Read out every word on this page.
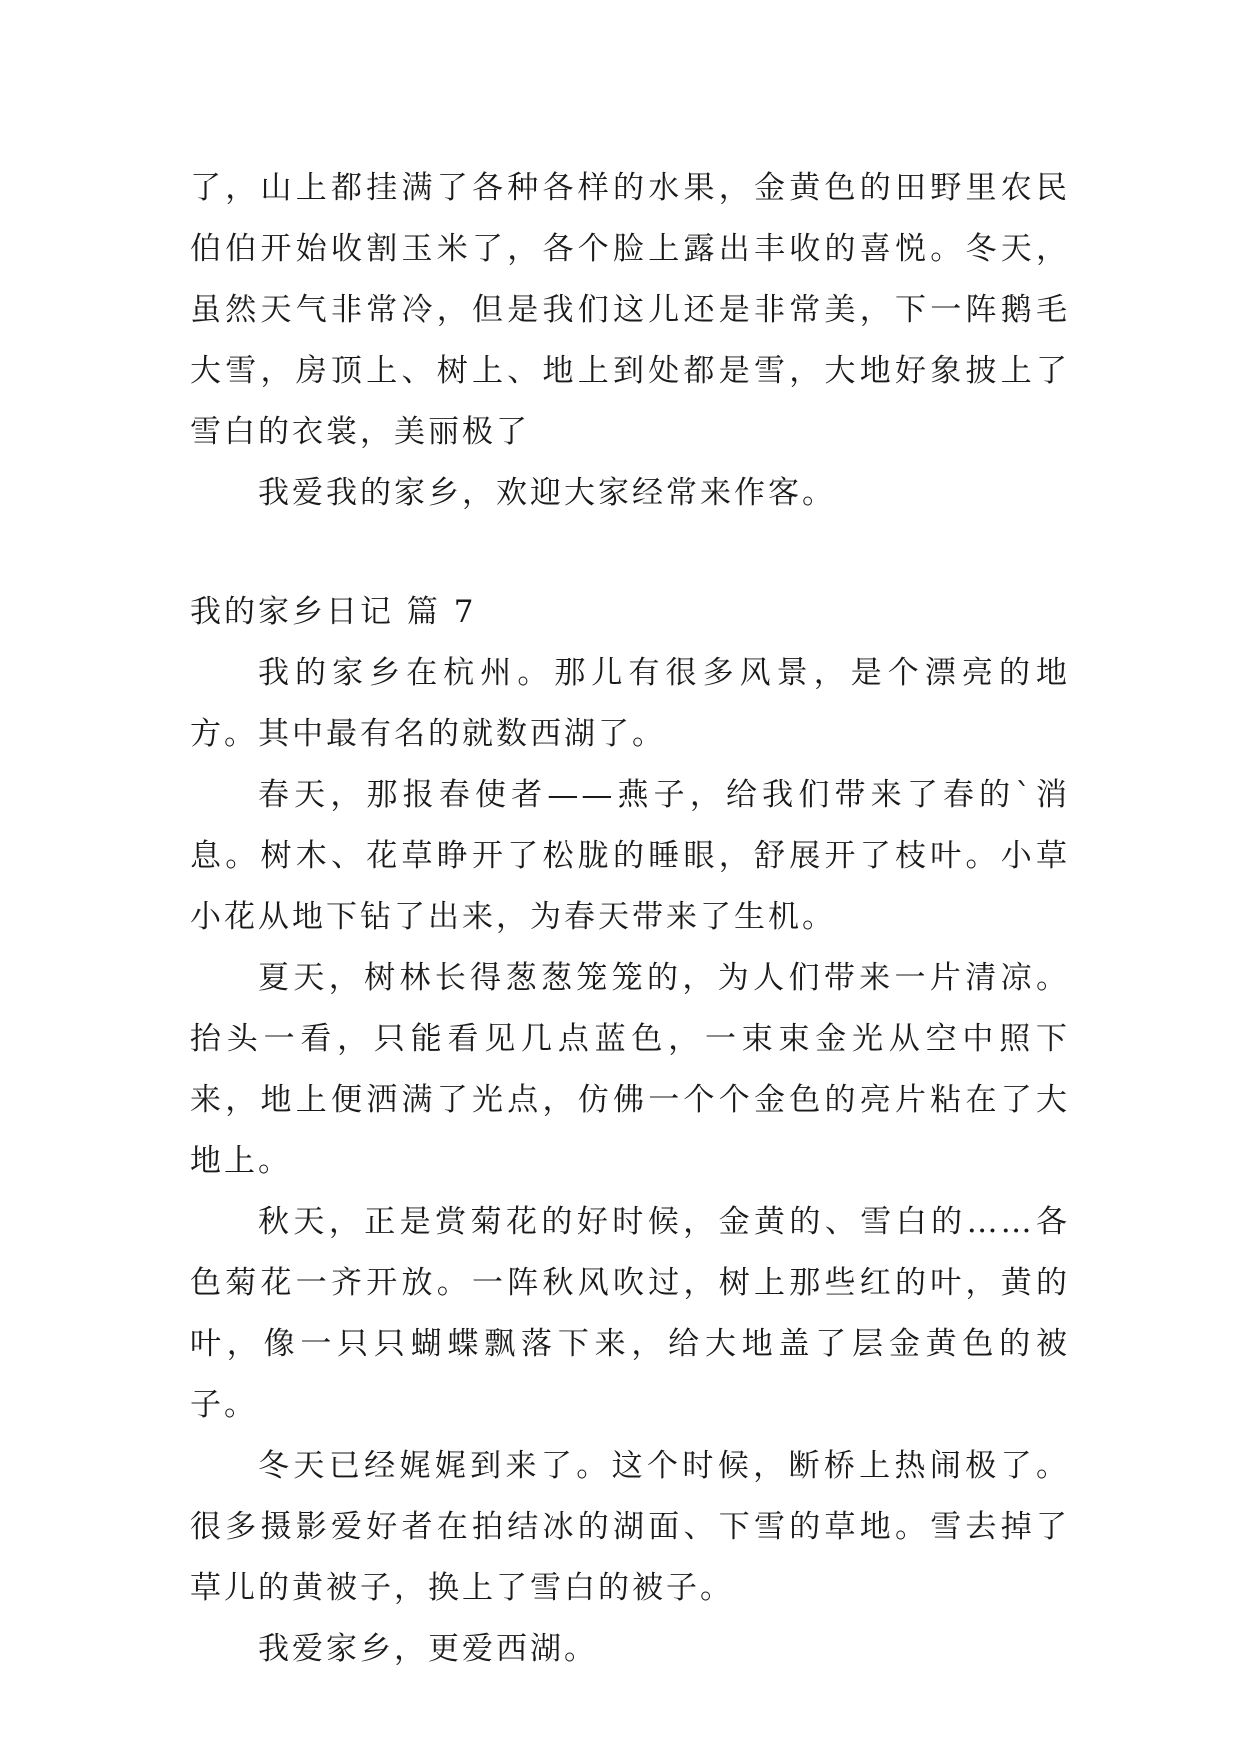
了，山上都挂满了各种各样的水果，金黄色的田野里农民伯伯开始收割玉米了，各个脸上露出丰收的喜悦。冬天，虽然天气非常冷，但是我们这儿还是非常美，下一阵鹅毛大雪，房顶上、树上、地上到处都是雪，大地好象披上了雪白的衣裳，美丽极了

我爱我的家乡，欢迎大家经常来作客。

我的家乡日记 篇 7

我的家乡在杭州。那儿有很多风景，是个漂亮的地方。其中最有名的就数西湖了。

春天，那报春使者——燕子，给我们带来了春的`消息。树木、花草睁开了松胧的睡眼，舒展开了枝叶。小草小花从地下钻了出来，为春天带来了生机。

夏天，树林长得葱葱笼笼的，为人们带来一片清凉。抬头一看，只能看见几点蓝色，一束束金光从空中照下来，地上便洒满了光点，仿佛一个个金色的亮片粘在了大地上。

秋天，正是赏菊花的好时候，金黄的、雪白的……各色菊花一齐开放。一阵秋风吹过，树上那些红的叶，黄的叶，像一只只蝴蝶飘落下来，给大地盖了层金黄色的被子。

冬天已经娓娓到来了。这个时候，断桥上热闹极了。很多摄影爱好者在拍结冰的湖面、下雪的草地。雪去掉了草儿的黄被子，换上了雪白的被子。

我爱家乡，更爱西湖。
